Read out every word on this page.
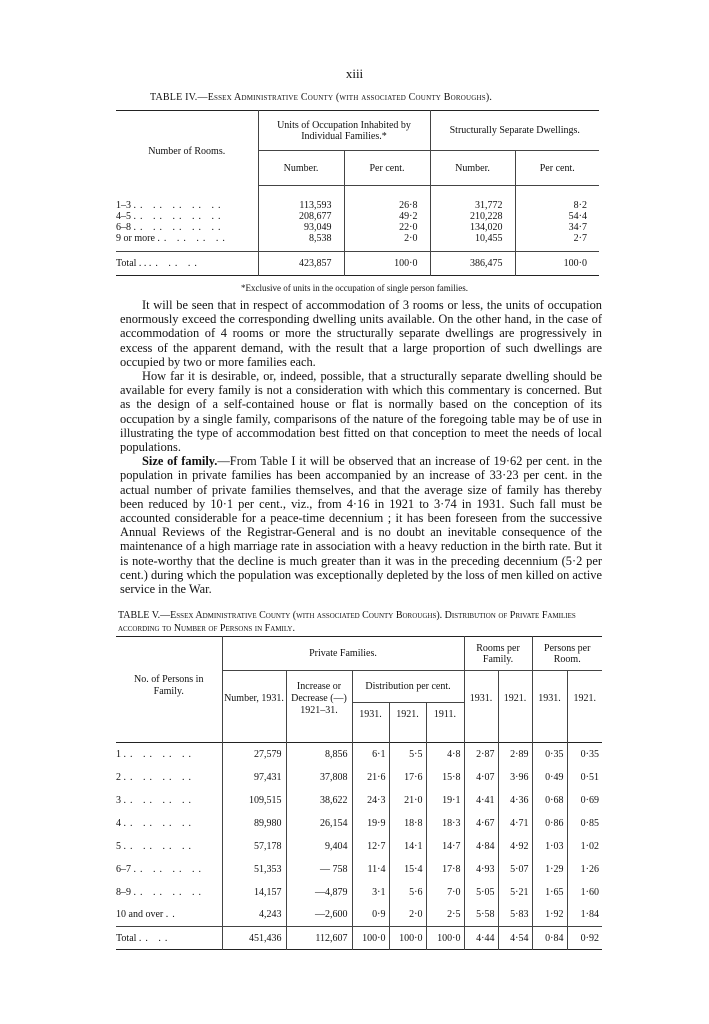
xiii
TABLE IV.—Essex Administrative County (with associated County Boroughs).
Number of Rooms.	Units of Occupation Inhabited by Individual Families.*		Structurally Separate Dwellings.	
	Number.	Per cent.	Number.	Per cent.

1–3 .. .. .. .. ..	113,593	26·8	31,772	8·2
4–5 .. .. .. .. ..	208,677	49·2	210,228	54·4
6–8 .. .. .. .. ..	93,049	22·0	134,020	34·7
9 or more .. .. .. ..	8,538	2·0	10,455	2·7

Total . . .. .. ..	423,857	100·0	386,475	100·0
*Exclusive of units in the occupation of single person families.

It will be seen that in respect of accommodation of 3 rooms or less, the units of occupation enormously exceed the corresponding dwelling units available. On the other hand, in the case of accommodation of 4 rooms or more the structurally separate dwellings are progressively in excess of the apparent demand, with the result that a large proportion of such dwellings are occupied by two or more families each.

How far it is desirable, or, indeed, possible, that a structurally separate dwelling should be available for every family is not a consideration with which this commentary is concerned. But as the design of a self-contained house or flat is normally based on the conception of its occupation by a single family, comparisons of the nature of the foregoing table may be of use in illustrating the type of accommodation best fitted on that conception to meet the needs of local populations.

Size of family.—From Table I it will be observed that an increase of 19·62 per cent. in the population in private families has been accompanied by an increase of 33·23 per cent. in the actual number of private families themselves, and that the average size of family has thereby been reduced by 10·1 per cent., viz., from 4·16 in 1921 to 3·74 in 1931. Such fall must be accounted considerable for a peace-time decennium ; it has been foreseen from the successive Annual Reviews of the Registrar-General and is no doubt an inevitable consequence of the maintenance of a high marriage rate in association with a heavy reduction in the birth rate. But it is note-worthy that the decline is much greater than it was in the preceding decennium (5·2 per cent.) during which the population was exceptionally depleted by the loss of men killed on active service in the War.

TABLE V.—Essex Administrative County (with associated County Boroughs). Distribution of Private Families according to Number of Persons in Family.
No. of Persons in Family.	Private Families.					Rooms per Family.		Persons per Room.	
	Number, 1931.	Increase or Decrease (—) 1921–31.	Distribution per cent.			1931.	1921.	1931.	1921.
			1931.	1921.	1911.				

1 .. .. .. ..	27,579	8,856	6·1	5·5	4·8	2·87	2·89	0·35	0·35
2 .. .. .. ..	97,431	37,808	21·6	17·6	15·8	4·07	3·96	0·49	0·51
3 .. .. .. ..	109,515	38,622	24·3	21·0	19·1	4·41	4·36	0·68	0·69
4 .. .. .. ..	89,980	26,154	19·9	18·8	18·3	4·67	4·71	0·86	0·85
5 .. .. .. ..	57,178	9,404	12·7	14·1	14·7	4·84	4·92	1·03	1·02
6–7 .. .. .. ..	51,353	— 758	11·4	15·4	17·8	4·93	5·07	1·29	1·26
8–9 .. .. .. ..	14,157	—4,879	3·1	5·6	7·0	5·05	5·21	1·65	1·60
10 and over ..	4,243	—2,600	0·9	2·0	2·5	5·58	5·83	1·92	1·84
Total .. ..	451,436	112,607	100·0	100·0	100·0	4·44	4·54	0·84	0·92
